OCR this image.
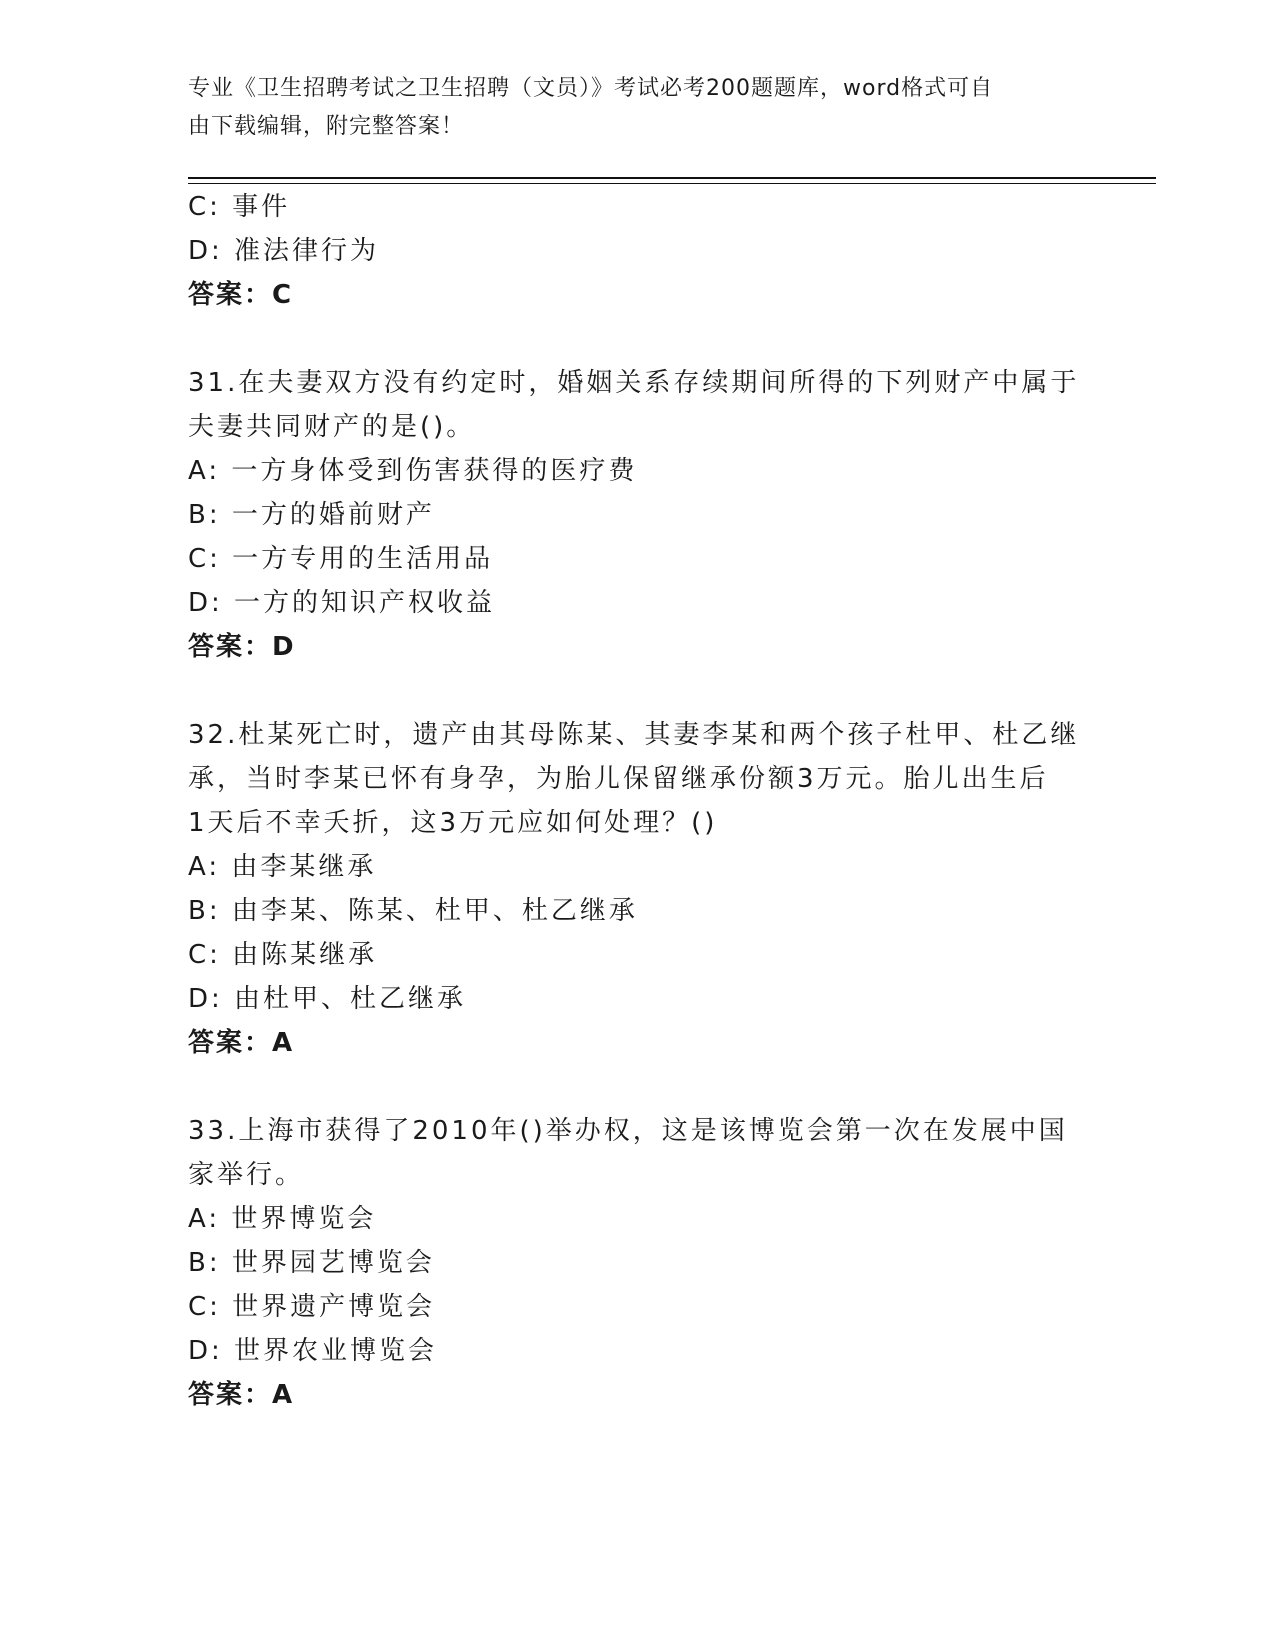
专业《卫生招聘考试之卫生招聘（文员）》考试必考200题题库，word格式可自
由下载编辑，附完整答案！
C: 事件
D: 准法律行为
答案：C
31.在夫妻双方没有约定时，婚姻关系存续期间所得的下列财产中属于
夫妻共同财产的是()。
A: 一方身体受到伤害获得的医疗费
B: 一方的婚前财产
C: 一方专用的生活用品
D: 一方的知识产权收益
答案：D
32.杜某死亡时，遗产由其母陈某、其妻李某和两个孩子杜甲、杜乙继
承，当时李某已怀有身孕，为胎儿保留继承份额3万元。胎儿出生后
1天后不幸夭折，这3万元应如何处理？()
A: 由李某继承
B: 由李某、陈某、杜甲、杜乙继承
C: 由陈某继承
D: 由杜甲、杜乙继承
答案：A
33.上海市获得了2010年()举办权，这是该博览会第一次在发展中国
家举行。
A: 世界博览会
B: 世界园艺博览会
C: 世界遗产博览会
D: 世界农业博览会
答案：A
